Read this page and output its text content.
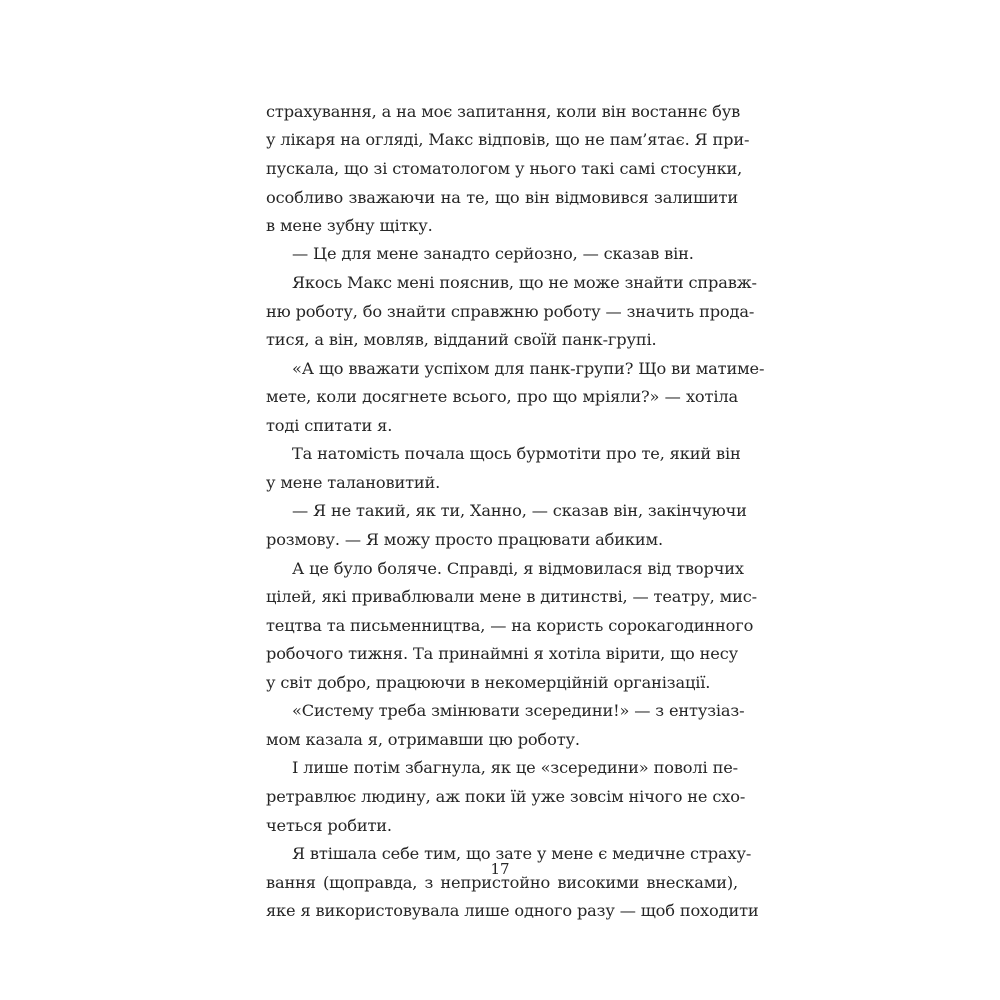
страхування, а на моє запитання, коли він востаннє був
у лікаря на огляді, Макс відповів, що не пам’ятає. Я при-
пускала, що зі стоматологом у нього такі самі стосунки,
особливо зважаючи на те, що він відмовився залишити
в мене зубну щітку.
— Це для мене занадто серйозно, — сказав він.
Якось Макс мені пояснив, що не може знайти справж-
ню роботу, бо знайти справжню роботу — значить прода-
тися, а він, мовляв, відданий своїй панк-групі.
«А що вважати успіхом для панк-групи? Що ви матиме-
мете, коли досягнете всього, про що мріяли?» — хотіла
тоді спитати я.
Та натомість почала щось бурмотіти про те, який він
у мене талановитий.
— Я не такий, як ти, Ханно, — сказав він, закінчуючи
розмову. — Я можу просто працювати абиким.
А це було боляче. Справді, я відмовилася від творчих
цілей, які приваблювали мене в дитинстві, — театру, мис-
тецтва та письменництва, — на користь сорокагодинного
робочого тижня. Та принаймні я хотіла вірити, що несу
у світ добро, працюючи в некомерційній організації.
«Систему треба змінювати зсередини!» — з ентузіаз-
мом казала я, отримавши цю роботу.
І лише потім збагнула, як це «зсередини» поволі пе-
ретравлює людину, аж поки їй уже зовсім нічого не схо-
четься робити.
Я втішала себе тим, що зате у мене є медичне страху-
вання (щоправда, з непристойно високими внесками),
яке я використовувала лише одного разу — щоб походити
17
